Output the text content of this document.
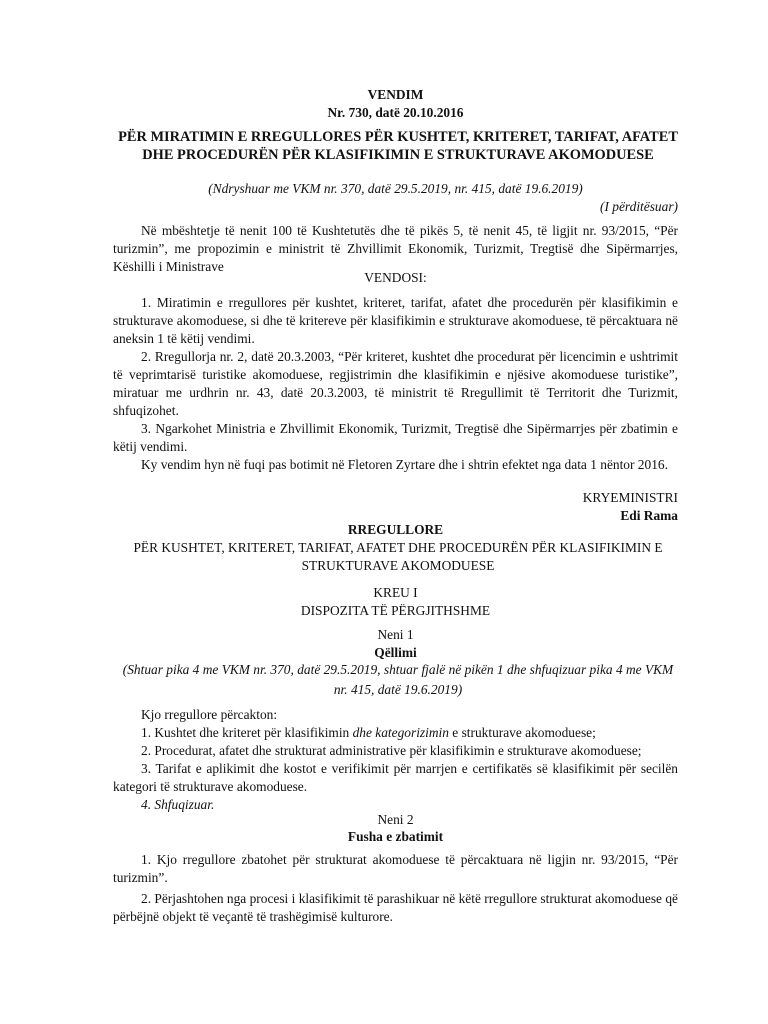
VENDIM

Nr. 730, datë 20.10.2016

PËR MIRATIMIN E RREGULLORES PËR KUSHTET, KRITERET, TARIFAT, AFATET DHE PROCEDURËN PËR KLASIFIKIMIN E STRUKTURAVE AKOMODUESE

(Ndryshuar me VKM nr. 370, datë 29.5.2019, nr. 415, datë 19.6.2019)

(I përditësuar)

Në mbështetje të nenit 100 të Kushtetutës dhe të pikës 5, të nenit 45, të ligjit nr. 93/2015, “Për turizmin”, me propozimin e ministrit të Zhvillimit Ekonomik, Turizmit, Tregtisë dhe Sipërmarrjes, Këshilli i Ministrave

VENDOSI:

1. Miratimin e rregullores për kushtet, kriteret, tarifat, afatet dhe procedurën për klasifikimin e strukturave akomoduese, si dhe të kritereve për klasifikimin e strukturave akomoduese, të përcaktuara në aneksin 1 të këtij vendimi.

2. Rregullorja nr. 2, datë 20.3.2003, “Për kriteret, kushtet dhe procedurat për licencimin e ushtrimit të veprimtarisë turistike akomoduese, regjistrimin dhe klasifikimin e njësive akomoduese turistike”, miratuar me urdhrin nr. 43, datë 20.3.2003, të ministrit të Rregullimit të Territorit dhe Turizmit, shfuqizohet.

3. Ngarkohet Ministria e Zhvillimit Ekonomik, Turizmit, Tregtisë dhe Sipërmarrjes për zbatimin e këtij vendimi.

Ky vendim hyn në fuqi pas botimit në Fletoren Zyrtare dhe i shtrin efektet nga data 1 nëntor 2016.

KRYEMINISTRI

Edi Rama

RREGULLORE

PËR KUSHTET, KRITERET, TARIFAT, AFATET DHE PROCEDURËN PËR KLASIFIKIMIN E STRUKTURAVE AKOMODUESE

KREU I

DISPOZITA TË PËRGJITHSHME

Neni 1

Qëllimi

(Shtuar pika 4 me VKM nr. 370, datë 29.5.2019, shtuar fjalë në pikën 1 dhe shfuqizuar pika 4 me VKM nr. 415, datë 19.6.2019)

Kjo rregullore përcakton:

1. Kushtet dhe kriteret për klasifikimin dhe kategorizimin e strukturave akomoduese;

2. Procedurat, afatet dhe strukturat administrative për klasifikimin e strukturave akomoduese;

3. Tarifat e aplikimit dhe kostot e verifikimit për marrjen e certifikatës së klasifikimit për secilën kategori të strukturave akomoduese.

4. Shfuqizuar.

Neni 2

Fusha e zbatimit

1. Kjo rregullore zbatohet për strukturat akomoduese të përcaktuara në ligjin nr. 93/2015, “Për turizmin”.

2. Përjashtohen nga procesi i klasifikimit të parashikuar në këtë rregullore strukturat akomoduese që përbëjnë objekt të veçantë të trashëgimisë kulturore.
